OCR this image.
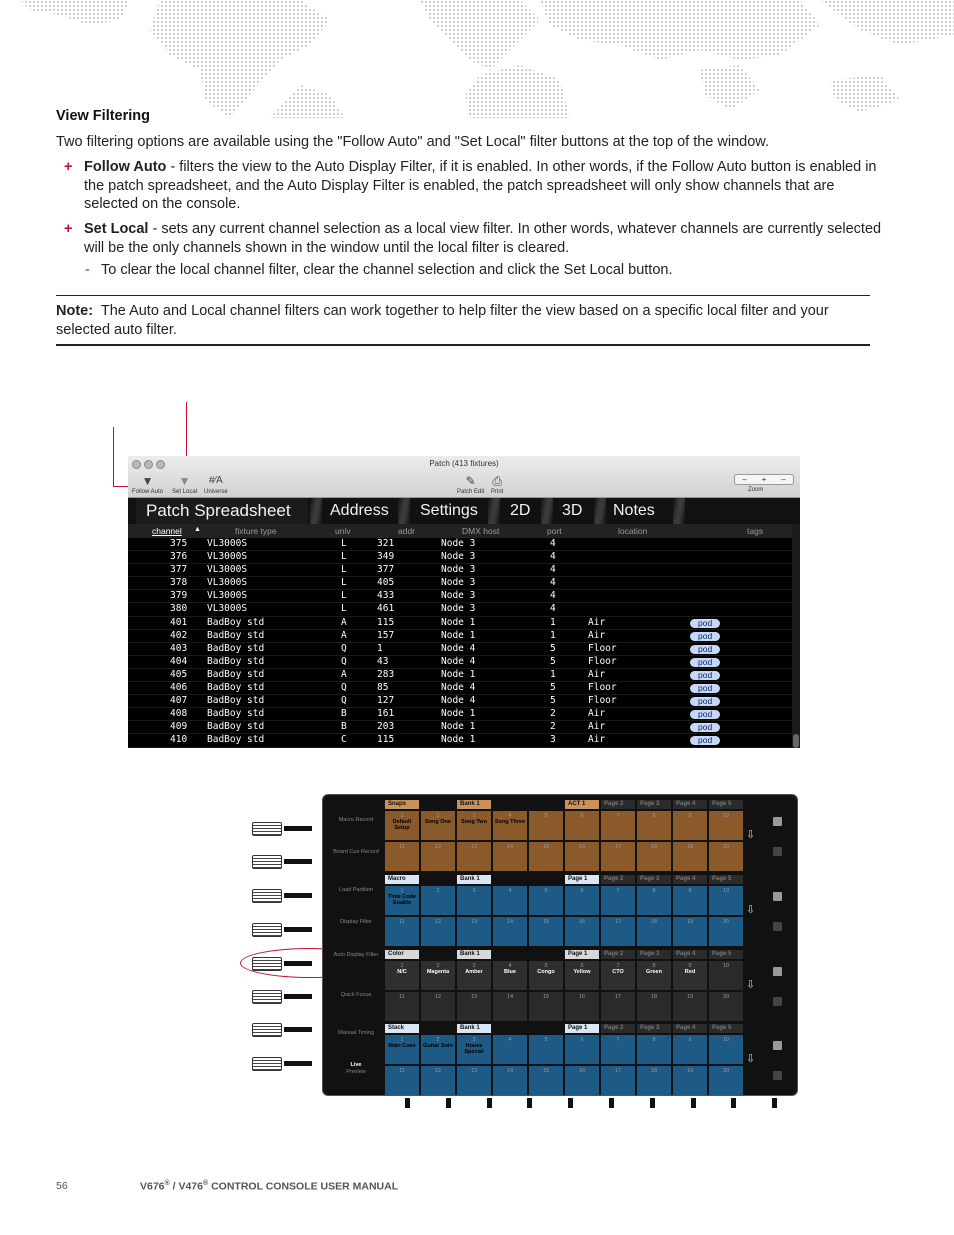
View Filtering
Two filtering options are available using the "Follow Auto" and "Set Local" filter buttons at the top of the window.
+ Follow Auto - filters the view to the Auto Display Filter, if it is enabled. In other words, if the Follow Auto button is enabled in the patch spreadsheet, and the Auto Display Filter is enabled, the patch spreadsheet will only show channels that are selected on the console.
+ Set Local - sets any current channel selection as a local view filter. In other words, whatever channels are currently selected will be the only channels shown in the window until the local filter is cleared.
- To clear the local channel filter, clear the channel selection and click the Set Local button.
Note: The Auto and Local channel filters can work together to help filter the view based on a specific local filter and your selected auto filter.
Patch (413 fixtures)
▼
Follow Auto
▼
Set Local
#⁄A
Universe
✎
Patch Edit
⎙
Print
– + –
Zoom
Patch Spreadsheet	Address	Settings	2D	3D	Notes
channel ▲	fixture type	univ	addr	DMX host	port	location	tags
375 VL3000S	L	321	Node 3	4
376 VL3000S	L	349	Node 3	4
377 VL3000S	L	377	Node 3	4
378 VL3000S	L	405	Node 3	4
379 VL3000S	L	433	Node 3	4
380 VL3000S	L	461	Node 3	4
401 BadBoy std	A	115	Node 1	1	Air	pod
402 BadBoy std	A	157	Node 1	1	Air	pod
403 BadBoy std	Q	1	Node 4	5	Floor	pod
404 BadBoy std	Q	43	Node 4	5	Floor	pod
405 BadBoy std	A	283	Node 1	1	Air	pod
406 BadBoy std	Q	85	Node 4	5	Floor	pod
407 BadBoy std	Q	127	Node 4	5	Floor	pod
408 BadBoy std	B	161	Node 1	2	Air	pod
409 BadBoy std	B	203	Node 1	2	Air	pod
410 BadBoy std	C	115	Node 1	3	Air	pod
Macro Record
Board Cue Record
Load Partition
Display Filter
Auto Display Filter
Quick Focus
Manual Timing
Live
Preview
Snaps	Bank 1	ACT 1	Page 2	Page 3	Page 4	Page 5
1
Default Setup
2
Song One
3
Song Two
4
Song Three
5	6	7	8	9	10
11	12	13	14	15	16	17	18	19	20
⇩
Macro	Bank 1	Page 1	Page 2	Page 3	Page 4	Page 5
1
Time Code Enable
2	3	4	5	6	7	8	9	10
11	12	13	14	15	16	17	18	19	20
⇩
Color	Bank 1	Page 1	Page 2	Page 3	Page 4	Page 5
1
N/C
2
Magenta
3
Amber
4
Blue
5
Congo
6
Yellow
7
CTO
8
Green
9
Red
10
11	12	13	14	15	16	17	18	19	20
⇩
Stack	Bank 1	Page 1	Page 2	Page 3	Page 4	Page 5
1
Main Cues
2
Guitar Solo
3
House Special
4	5	6	7	8	9	10
11	12	13	14	15	16	17	18	19	20
⇩
56	V676® / V476® CONTROL CONSOLE USER MANUAL
